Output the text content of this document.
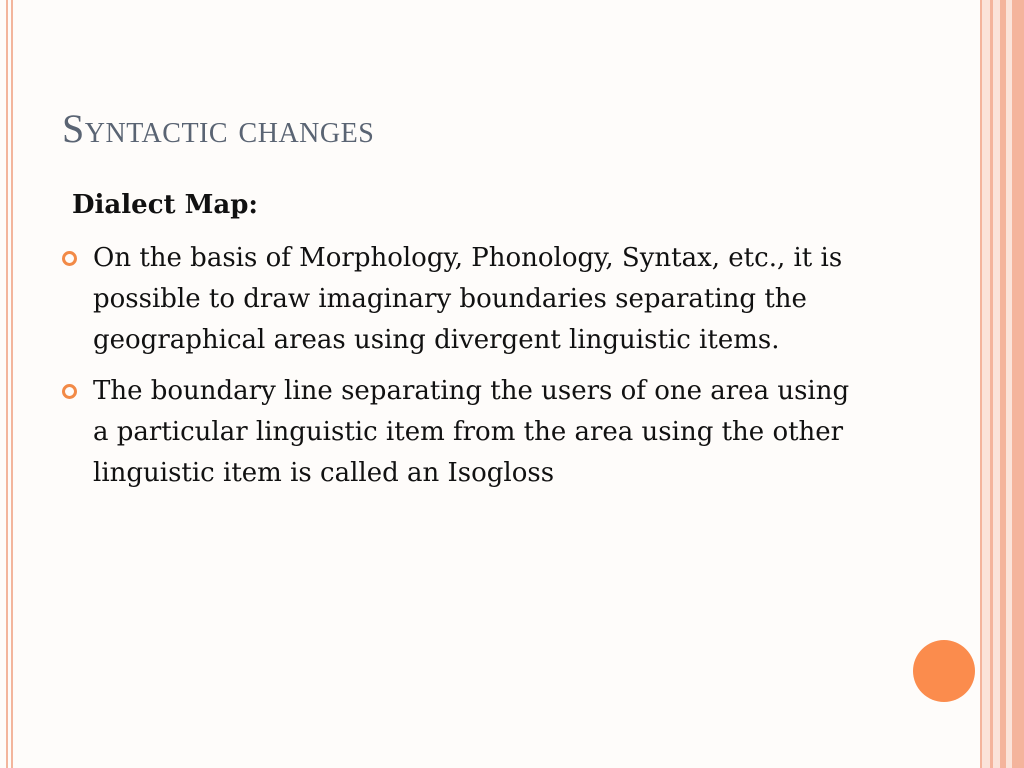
Syntactic changes
Dialect Map:
On the basis of Morphology, Phonology, Syntax, etc., it is possible to draw imaginary boundaries separating the geographical areas using divergent linguistic items.
The boundary line separating the users of one area using a particular linguistic item from the area using the other linguistic item is called an Isogloss
